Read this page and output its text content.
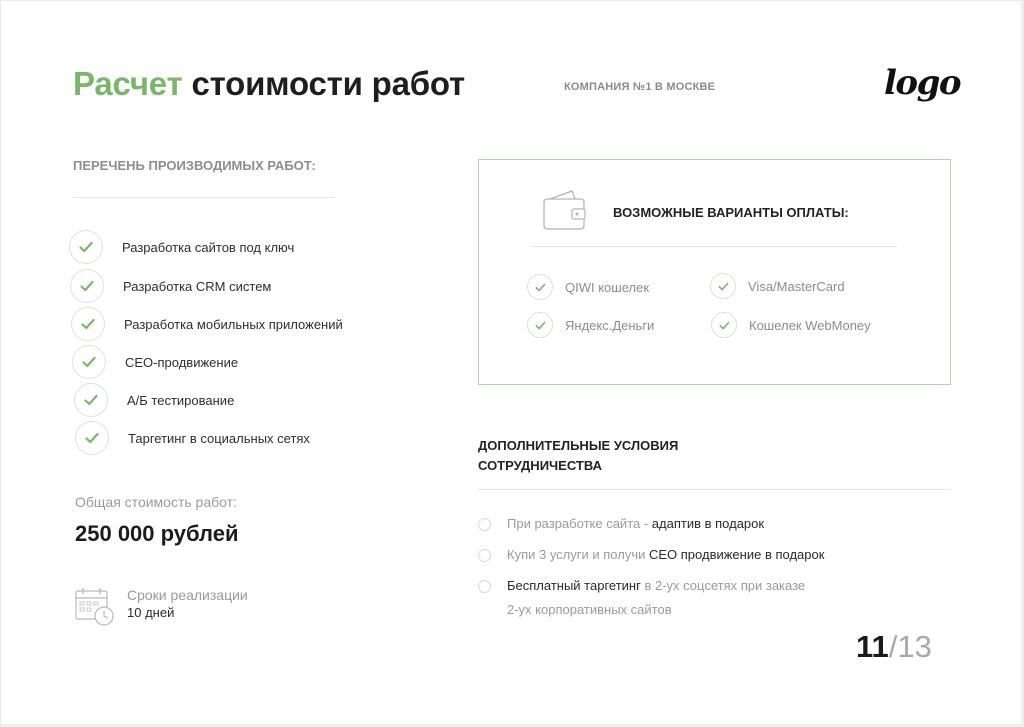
Расчет стоимости работ	КОМПАНИЯ №1 В МОСКВЕ	logo
ПЕРЕЧЕНЬ ПРОИЗВОДИМЫХ РАБОТ:
Разработка сайтов под ключ
Разработка CRM систем
Разработка мобильных приложений
СЕО-продвижение
А/Б тестирование
Таргетинг в социальных сетях
Общая стоимость работ:
250 000 рублей
Сроки реализации
10 дней
ВОЗМОЖНЫЕ ВАРИАНТЫ ОПЛАТЫ:
QIWI кошелек	Visa/MasterCard
Яндекс.Деньги	Кошелек WebMoney
ДОПОЛНИТЕЛЬНЫЕ УСЛОВИЯ
СОТРУДНИЧЕСТВА
При разработке сайта - адаптив в подарок
Купи 3 услуги и получи СЕО продвижение в подарок
Бесплатный таргетинг в 2-ух соцсетях при заказе
2-ух корпоративных сайтов
11/13
